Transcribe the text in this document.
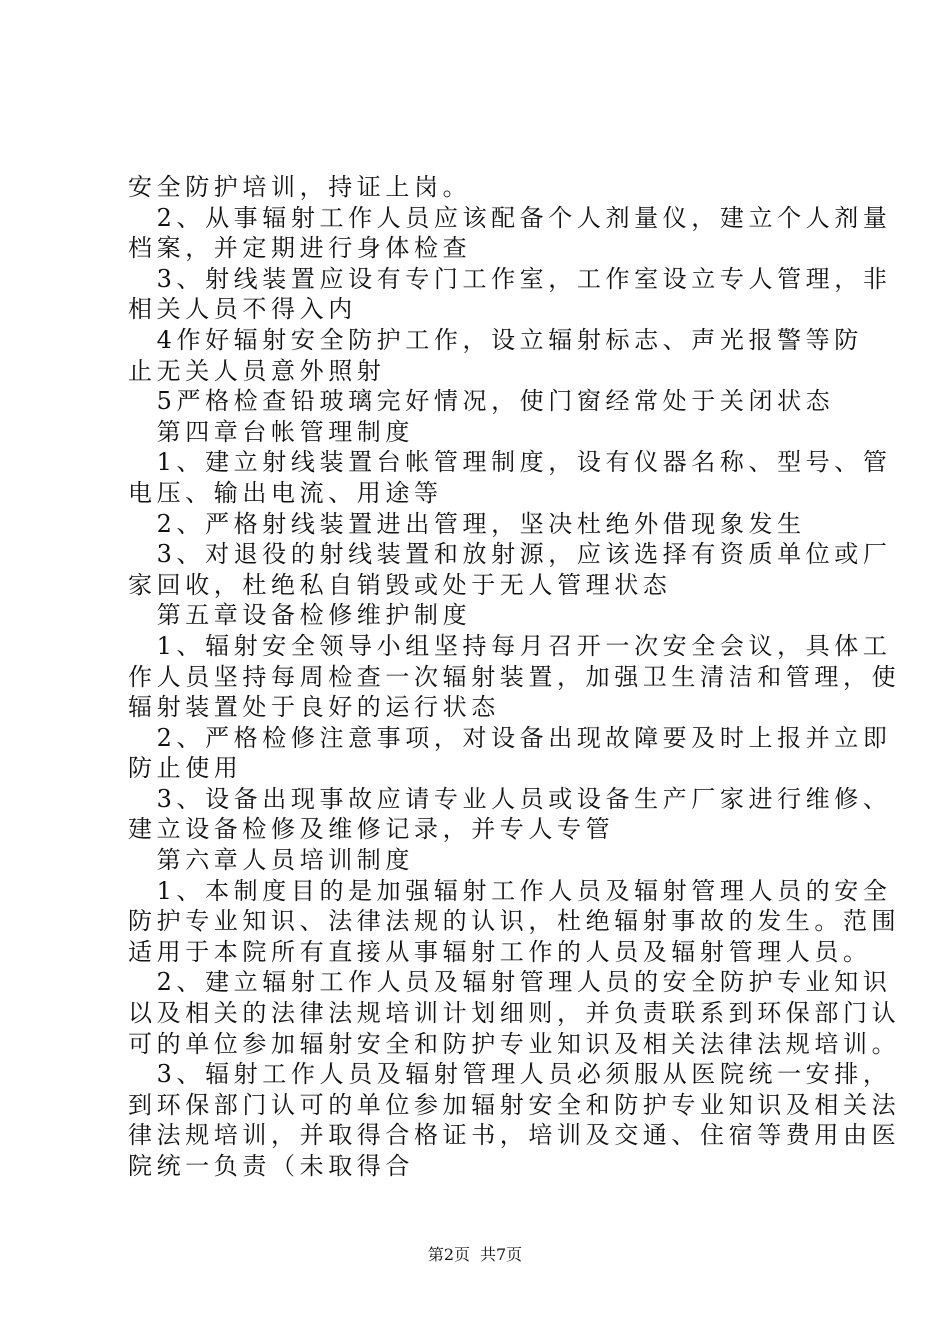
安全防护培训，持证上岗。
　2、从事辐射工作人员应该配备个人剂量仪，建立个人剂量
档案，并定期进行身体检查
　3、射线装置应设有专门工作室，工作室设立专人管理，非
相关人员不得入内
　4作好辐射安全防护工作，设立辐射标志、声光报警等防
止无关人员意外照射
　5严格检查铅玻璃完好情况，使门窗经常处于关闭状态
　第四章台帐管理制度
　1、建立射线装置台帐管理制度，设有仪器名称、型号、管
电压、输出电流、用途等
　2、严格射线装置进出管理，坚决杜绝外借现象发生
　3、对退役的射线装置和放射源，应该选择有资质单位或厂
家回收，杜绝私自销毁或处于无人管理状态
　第五章设备检修维护制度
　1、辐射安全领导小组坚持每月召开一次安全会议，具体工
作人员坚持每周检查一次辐射装置，加强卫生清洁和管理，使
辐射装置处于良好的运行状态
　2、严格检修注意事项，对设备出现故障要及时上报并立即
防止使用
　3、设备出现事故应请专业人员或设备生产厂家进行维修、
建立设备检修及维修记录，并专人专管
　第六章人员培训制度
　1、本制度目的是加强辐射工作人员及辐射管理人员的安全
防护专业知识、法律法规的认识，杜绝辐射事故的发生。范围
适用于本院所有直接从事辐射工作的人员及辐射管理人员。
　2、建立辐射工作人员及辐射管理人员的安全防护专业知识
以及相关的法律法规培训计划细则，并负责联系到环保部门认
可的单位参加辐射安全和防护专业知识及相关法律法规培训。
　3、辐射工作人员及辐射管理人员必须服从医院统一安排，
到环保部门认可的单位参加辐射安全和防护专业知识及相关法
律法规培训，并取得合格证书，培训及交通、住宿等费用由医
院统一负责（未取得合
第2页 共7页
